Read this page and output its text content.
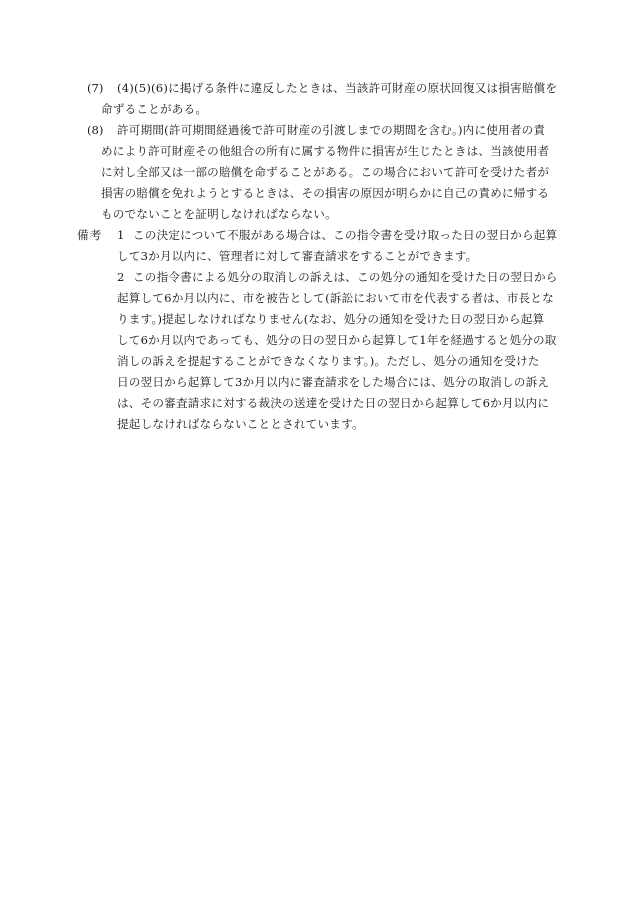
(7) (4)(5)(6)に掲げる条件に違反したときは、当該許可財産の原状回復又は損害賠償を
命ずることがある。
(8) 許可期間(許可期間経過後で許可財産の引渡しまでの期間を含む。)内に使用者の責
めにより許可財産その他組合の所有に属する物件に損害が生じたときは、当該使用者
に対し全部又は一部の賠償を命ずることがある。この場合において許可を受けた者が
損害の賠償を免れようとするときは、その損害の原因が明らかに自己の責めに帰する
ものでないことを証明しなければならない。
備考 1 この決定について不服がある場合は、この指令書を受け取った日の翌日から起算
して3か月以内に、管理者に対して審査請求をすることができます。
2 この指令書による処分の取消しの訴えは、この処分の通知を受けた日の翌日から
起算して6か月以内に、市を被告として(訴訟において市を代表する者は、市長とな
ります。)提起しなければなりません(なお、処分の通知を受けた日の翌日から起算
して6か月以内であっても、処分の日の翌日から起算して1年を経過すると処分の取
消しの訴えを提起することができなくなります。)。ただし、処分の通知を受けた
日の翌日から起算して3か月以内に審査請求をした場合には、処分の取消しの訴え
は、その審査請求に対する裁決の送達を受けた日の翌日から起算して6か月以内に
提起しなければならないこととされています。
